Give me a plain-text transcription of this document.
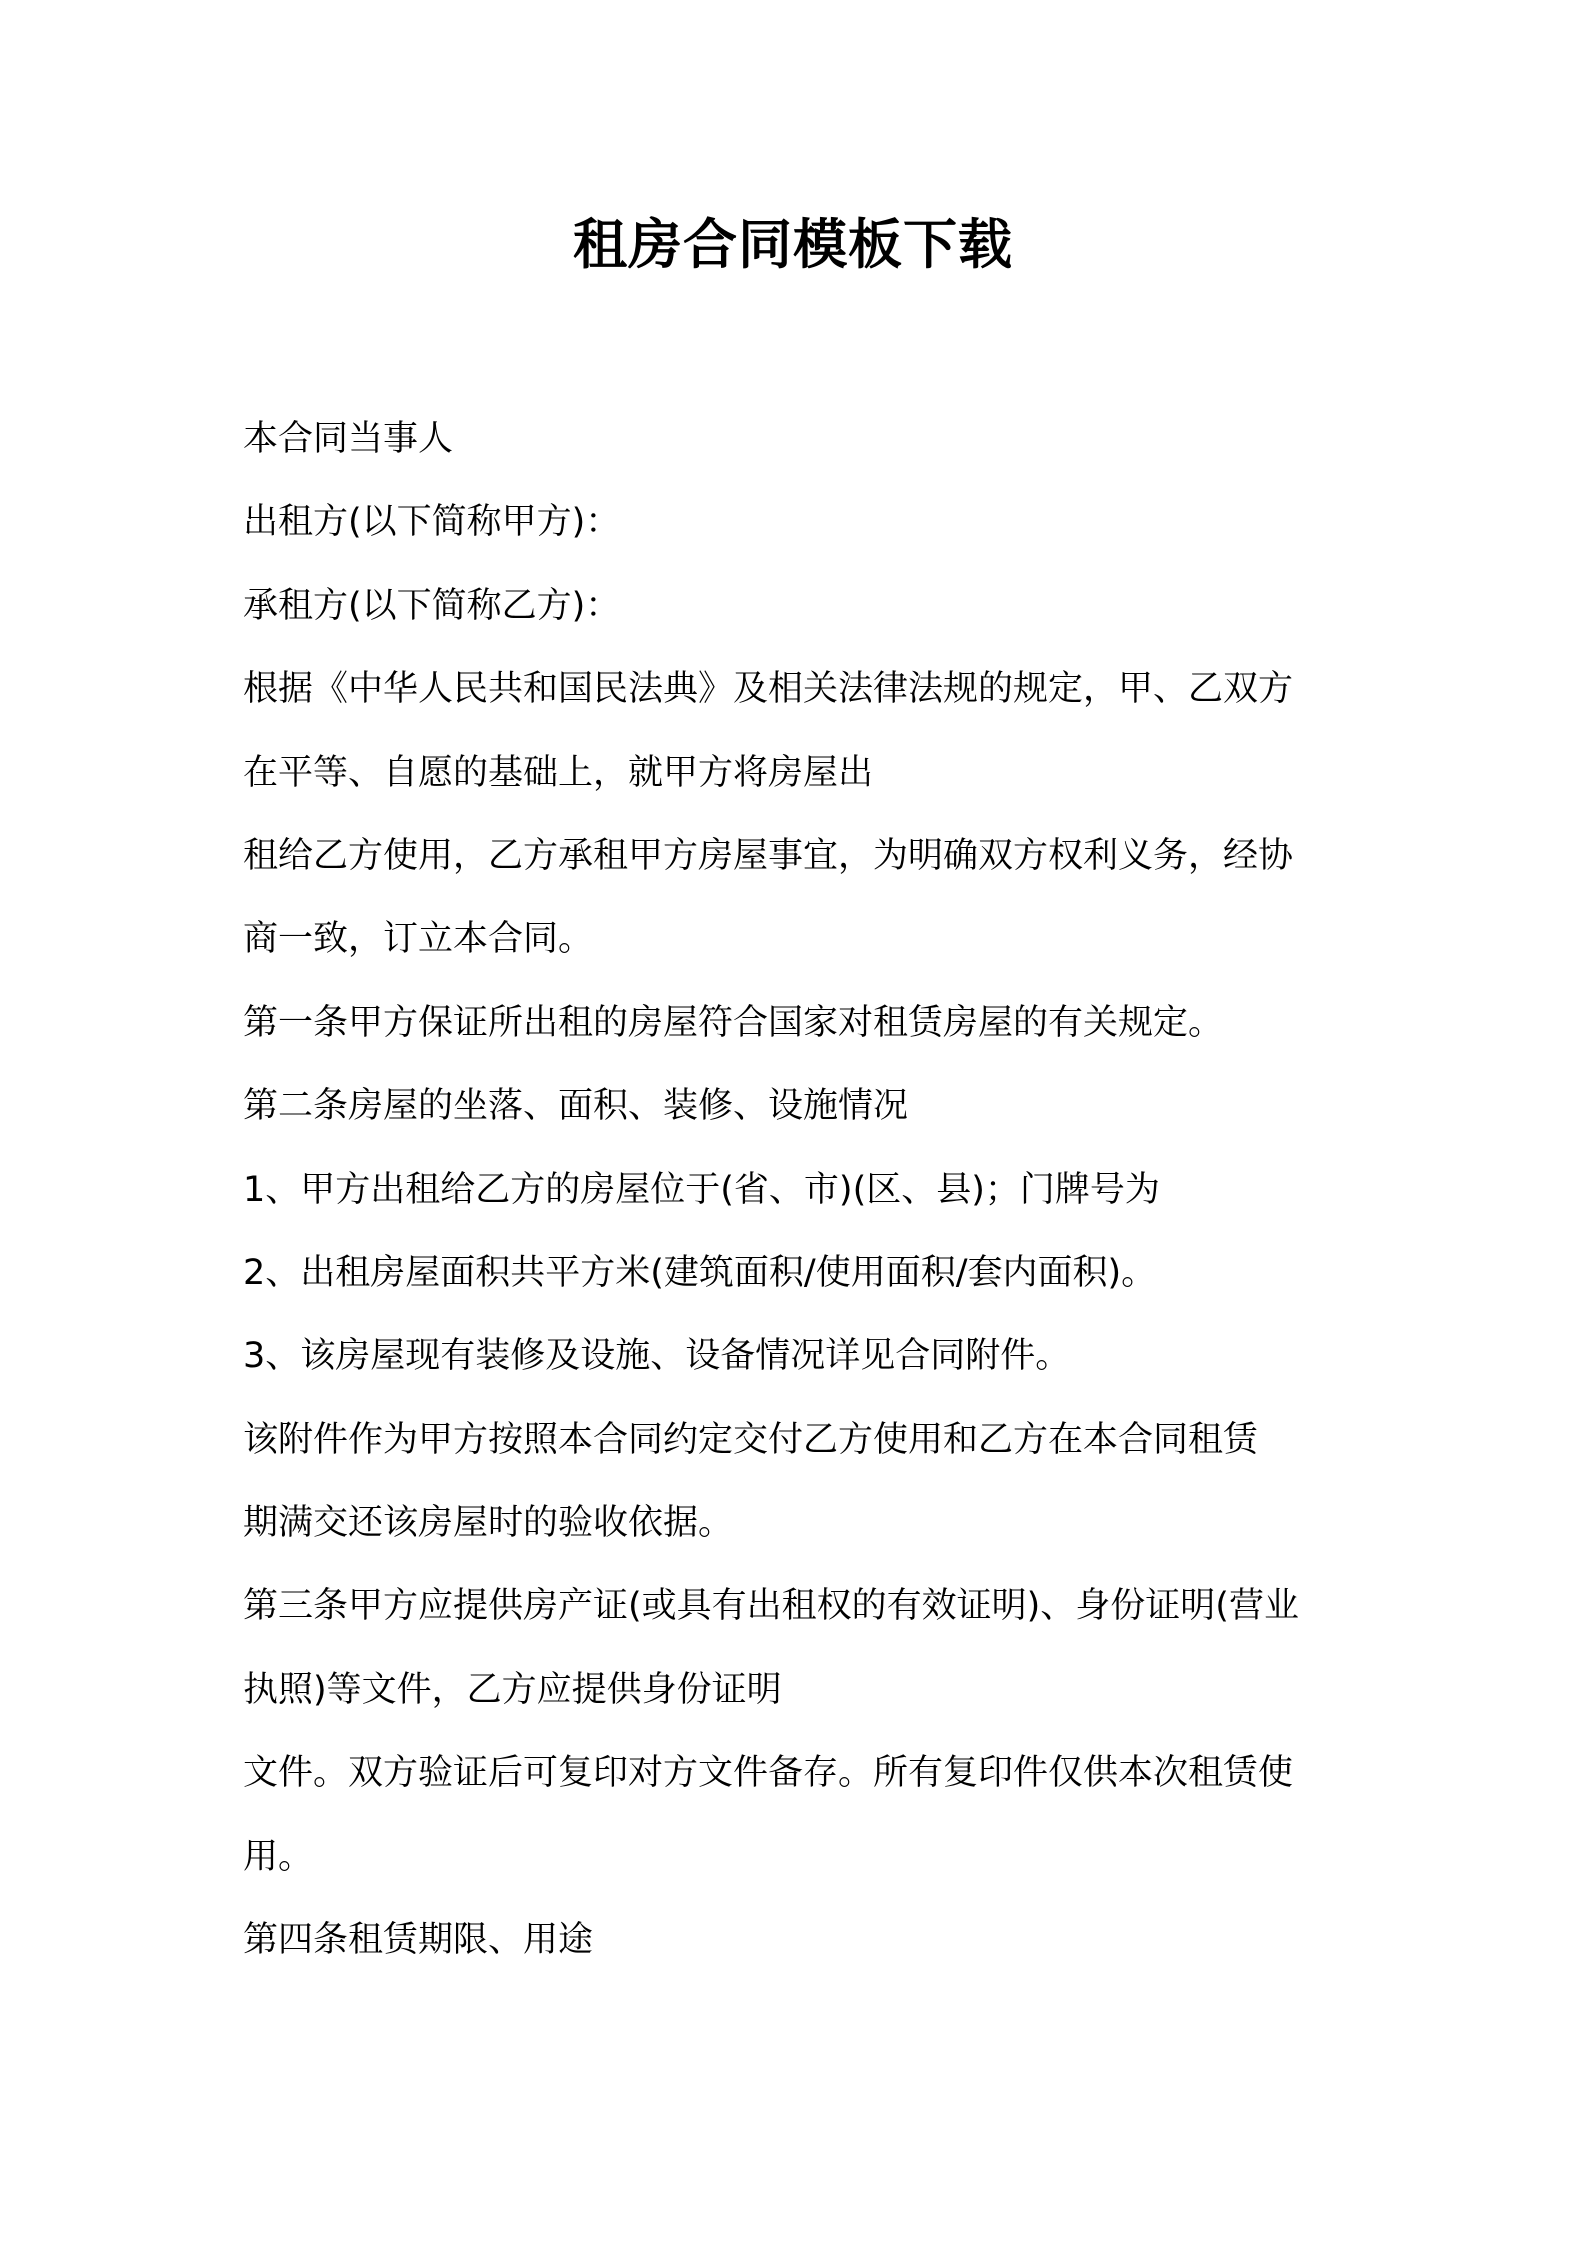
租房合同模板下载
本合同当事人
出租方(以下简称甲方)：
承租方(以下简称乙方)：
根据《中华人民共和国民法典》及相关法律法规的规定，甲、乙双方
在平等、自愿的基础上，就甲方将房屋出
租给乙方使用，乙方承租甲方房屋事宜，为明确双方权利义务，经协
商一致，订立本合同。
第一条甲方保证所出租的房屋符合国家对租赁房屋的有关规定。
第二条房屋的坐落、面积、装修、设施情况
1、甲方出租给乙方的房屋位于(省、市)(区、县)；门牌号为
2、出租房屋面积共平方米(建筑面积/使用面积/套内面积)。
3、该房屋现有装修及设施、设备情况详见合同附件。
该附件作为甲方按照本合同约定交付乙方使用和乙方在本合同租赁
期满交还该房屋时的验收依据。
第三条甲方应提供房产证(或具有出租权的有效证明)、身份证明(营业
执照)等文件，乙方应提供身份证明
文件。双方验证后可复印对方文件备存。所有复印件仅供本次租赁使
用。
第四条租赁期限、用途
